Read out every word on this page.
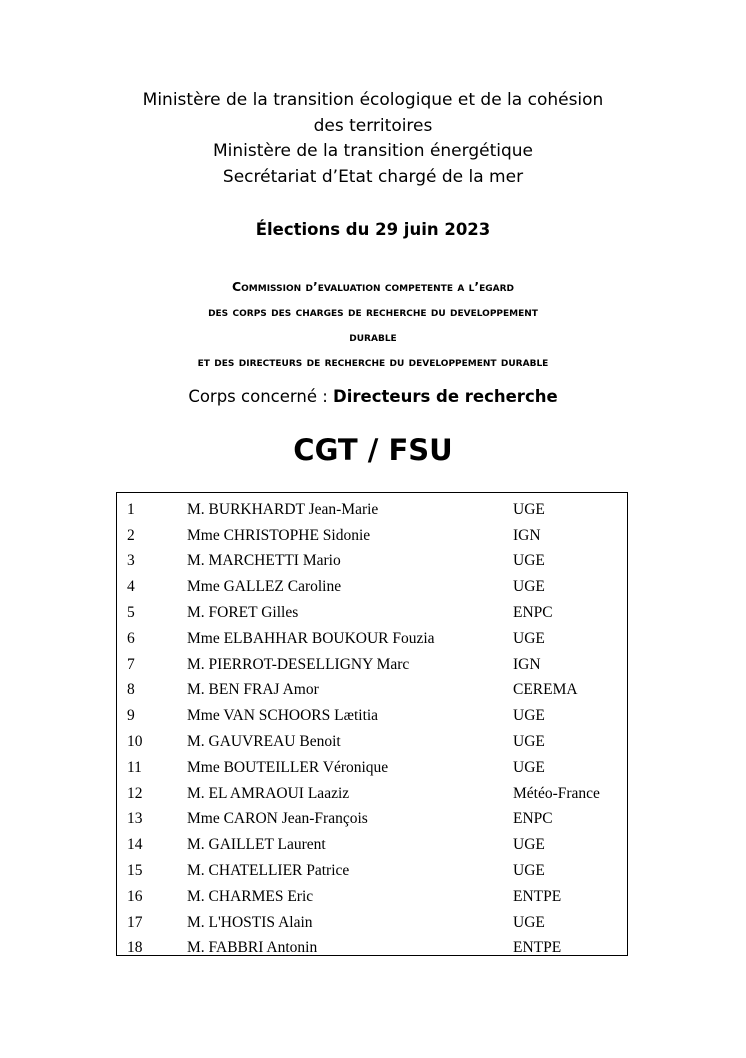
Ministère de la transition écologique et de la cohésion
des territoires
Ministère de la transition énergétique
Secrétariat d’Etat chargé de la mer
Élections du 29 juin 2023
Commission d’evaluation competente a l’egard
des corps des charges de recherche du developpement
durable
et des directeurs de recherche du developpement durable
Corps concerné : Directeurs de recherche
CGT / FSU
1	M. BURKHARDT Jean-Marie	UGE
2	Mme CHRISTOPHE Sidonie	IGN
3	M. MARCHETTI Mario	UGE
4	Mme GALLEZ Caroline	UGE
5	M. FORET Gilles	ENPC
6	Mme ELBAHHAR BOUKOUR Fouzia	UGE
7	M. PIERROT-DESELLIGNY Marc	IGN
8	M. BEN FRAJ Amor	CEREMA
9	Mme VAN SCHOORS Lætitia	UGE
10	M. GAUVREAU Benoit	UGE
11	Mme BOUTEILLER Véronique	UGE
12	M. EL AMRAOUI Laaziz	Météo-France
13	Mme CARON Jean-François	ENPC
14	M. GAILLET Laurent	UGE
15	M. CHATELLIER Patrice	UGE
16	M. CHARMES Eric	ENTPE
17	M. L'HOSTIS Alain	UGE
18	M. FABBRI Antonin	ENTPE
